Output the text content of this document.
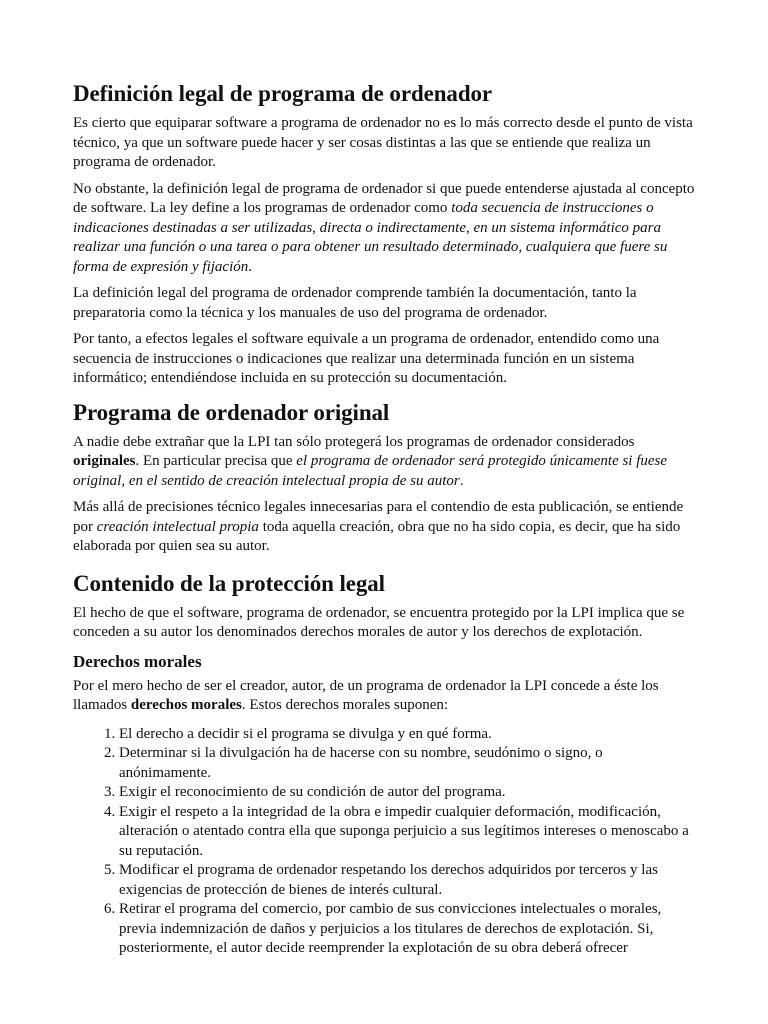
Definición legal de programa de ordenador

Es cierto que equiparar software a programa de ordenador no es lo más correcto desde el punto de vista técnico, ya que un software puede hacer y ser cosas distintas a las que se entiende que realiza un programa de ordenador.

No obstante, la definición legal de programa de ordenador si que puede entenderse ajustada al concepto de software. La ley define a los programas de ordenador como toda secuencia de instrucciones o indicaciones destinadas a ser utilizadas, directa o indirectamente, en un sistema informático para realizar una función o una tarea o para obtener un resultado determinado, cualquiera que fuere su forma de expresión y fijación.

La definición legal del programa de ordenador comprende también la documentación, tanto la preparatoria como la técnica y los manuales de uso del programa de ordenador.

Por tanto, a efectos legales el software equivale a un programa de ordenador, entendido como una secuencia de instrucciones o indicaciones que realizar una determinada función en un sistema informático; entendiéndose incluida en su protección su documentación.

Programa de ordenador original

A nadie debe extrañar que la LPI tan sólo protegerá los programas de ordenador considerados originales. En particular precisa que el programa de ordenador será protegido únicamente si fuese original, en el sentido de creación intelectual propia de su autor.

Más allá de precisiones técnico legales innecesarias para el contendio de esta publicación, se entiende por creación intelectual propia toda aquella creación, obra que no ha sido copia, es decir, que ha sido elaborada por quien sea su autor.

Contenido de la protección legal

El hecho de que el software, programa de ordenador, se encuentra protegido por la LPI implica que se conceden a su autor los denominados derechos morales de autor y los derechos de explotación.

Derechos morales

Por el mero hecho de ser el creador, autor, de un programa de ordenador la LPI concede a éste los llamados derechos morales. Estos derechos morales suponen:

1. El derecho a decidir si el programa se divulga y en qué forma.
2. Determinar si la divulgación ha de hacerse con su nombre, seudónimo o signo, o anónimamente.
3. Exigir el reconocimiento de su condición de autor del programa.
4. Exigir el respeto a la integridad de la obra e impedir cualquier deformación, modificación, alteración o atentado contra ella que suponga perjuicio a sus legítimos intereses o menoscabo a su reputación.
5. Modificar el programa de ordenador respetando los derechos adquiridos por terceros y las exigencias de protección de bienes de interés cultural.
6. Retirar el programa del comercio, por cambio de sus convicciones intelectuales o morales, previa indemnización de daños y perjuicios a los titulares de derechos de explotación. Si, posteriormente, el autor decide reemprender la explotación de su obra deberá ofrecer
